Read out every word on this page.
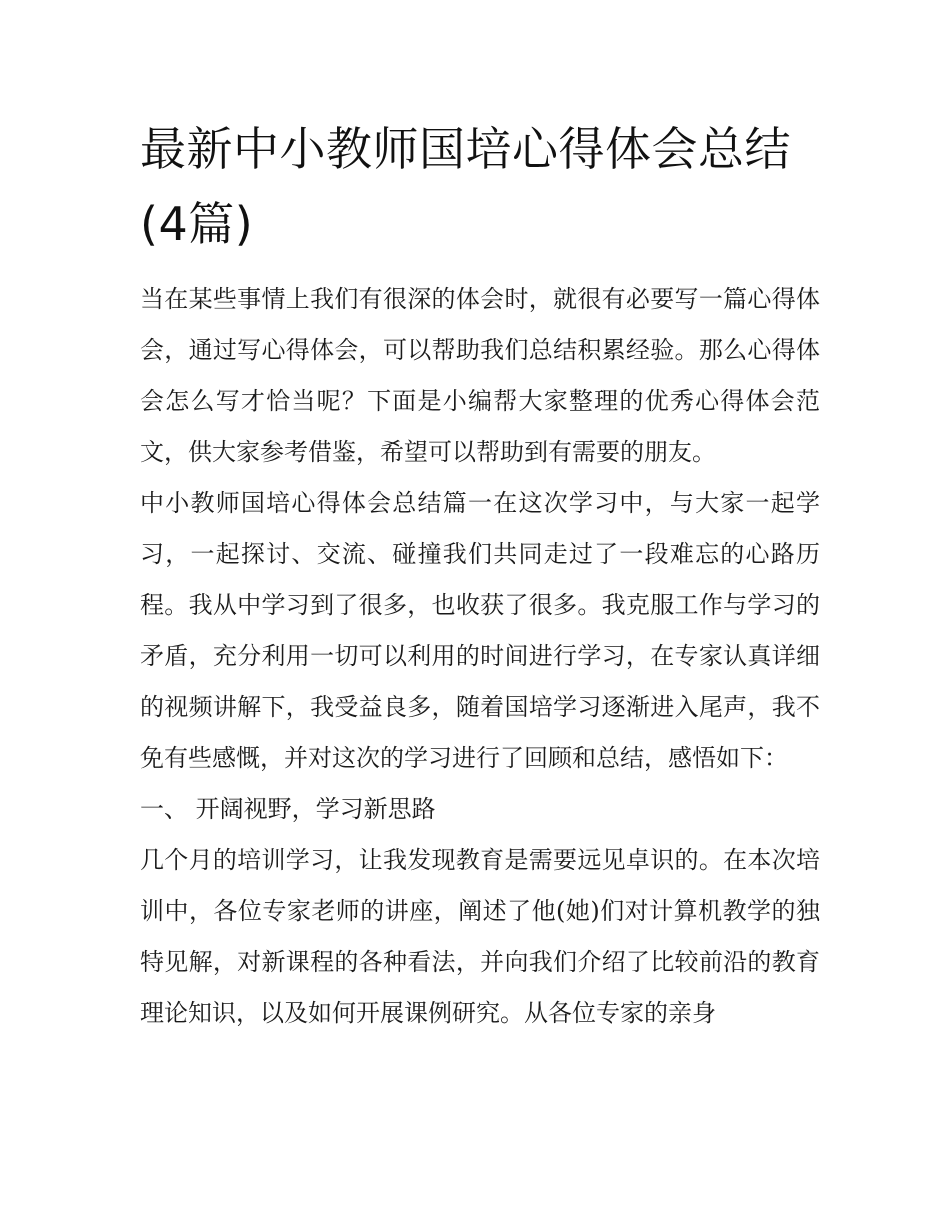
最新中小教师国培心得体会总结(4篇)

当在某些事情上我们有很深的体会时，就很有必要写一篇心得体会，通过写心得体会，可以帮助我们总结积累经验。那么心得体会怎么写才恰当呢？下面是小编帮大家整理的优秀心得体会范文，供大家参考借鉴，希望可以帮助到有需要的朋友。

中小教师国培心得体会总结篇一在这次学习中，与大家一起学习，一起探讨、交流、碰撞我们共同走过了一段难忘的心路历程。我从中学习到了很多，也收获了很多。我克服工作与学习的矛盾，充分利用一切可以利用的时间进行学习，在专家认真详细的视频讲解下，我受益良多，随着国培学习逐渐进入尾声，我不免有些感慨，并对这次的学习进行了回顾和总结，感悟如下：

一、 开阔视野，学习新思路

几个月的培训学习，让我发现教育是需要远见卓识的。在本次培训中，各位专家老师的讲座，阐述了他(她)们对计算机教学的独特见解，对新课程的各种看法，并向我们介绍了比较前沿的教育理论知识，以及如何开展课例研究。从各位专家的亲身
